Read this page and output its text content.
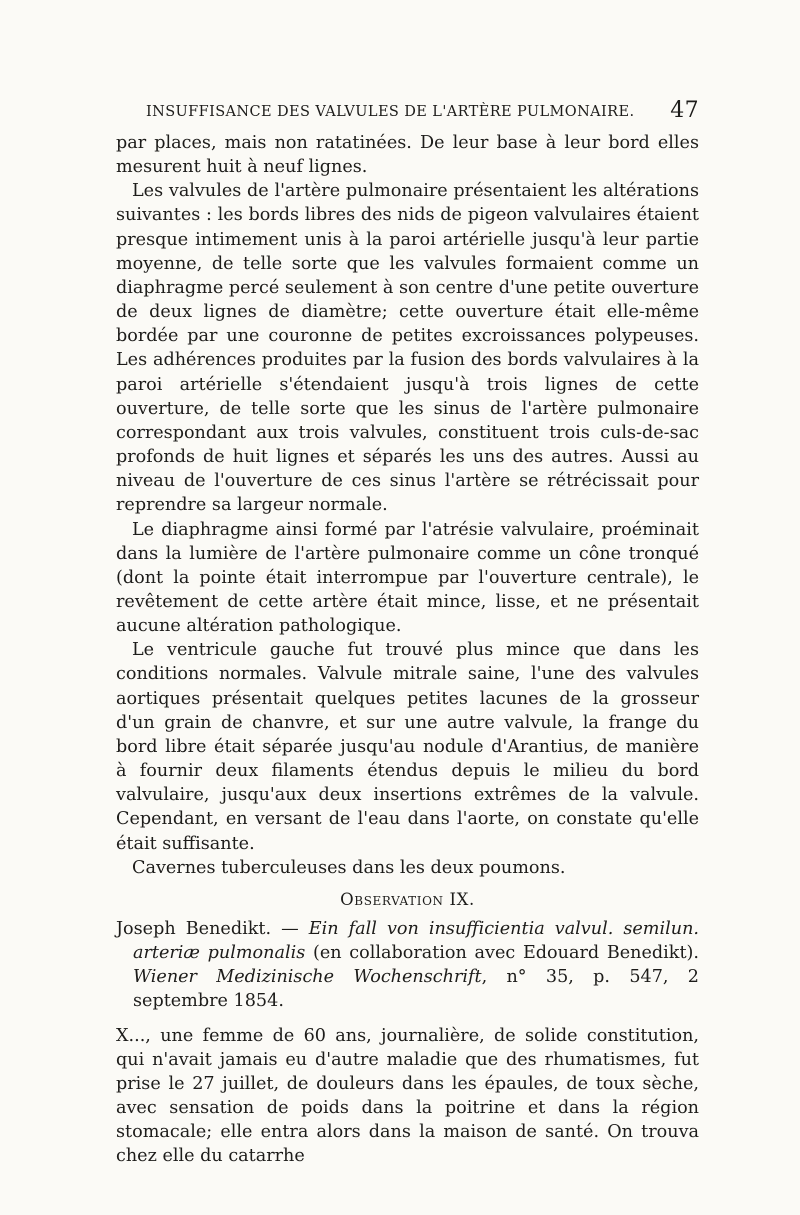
INSUFFISANCE DES VALVULES DE L'ARTÈRE PULMONAIRE. 47

par places, mais non ratatinées. De leur base à leur bord elles mesurent huit à neuf lignes.

Les valvules de l'artère pulmonaire présentaient les altérations suivantes : les bords libres des nids de pigeon valvulaires étaient presque intimement unis à la paroi artérielle jusqu'à leur partie moyenne, de telle sorte que les valvules formaient comme un diaphragme percé seulement à son centre d'une petite ouverture de deux lignes de diamètre; cette ouverture était elle-même bordée par une couronne de petites excroissances polypeuses. Les adhérences produites par la fusion des bords valvulaires à la paroi artérielle s'étendaient jusqu'à trois lignes de cette ouverture, de telle sorte que les sinus de l'artère pulmonaire correspondant aux trois valvules, constituent trois culs-de-sac profonds de huit lignes et séparés les uns des autres. Aussi au niveau de l'ouverture de ces sinus l'artère se rétrécissait pour reprendre sa largeur normale.

Le diaphragme ainsi formé par l'atrésie valvulaire, proéminait dans la lumière de l'artère pulmonaire comme un cône tronqué (dont la pointe était interrompue par l'ouverture centrale), le revêtement de cette artère était mince, lisse, et ne présentait aucune altération pathologique.

Le ventricule gauche fut trouvé plus mince que dans les conditions normales. Valvule mitrale saine, l'une des valvules aortiques présentait quelques petites lacunes de la grosseur d'un grain de chanvre, et sur une autre valvule, la frange du bord libre était séparée jusqu'au nodule d'Arantius, de manière à fournir deux filaments étendus depuis le milieu du bord valvulaire, jusqu'aux deux insertions extrêmes de la valvule. Cependant, en versant de l'eau dans l'aorte, on constate qu'elle était suffisante.

Cavernes tuberculeuses dans les deux poumons.

Observation IX.

Joseph Benedikt. — Ein fall von insufficientia valvul. semilun. arteriæ pulmonalis (en collaboration avec Edouard Benedikt). Wiener Medizinische Wochenschrift, n° 35, p. 547, 2 septembre 1854.

X..., une femme de 60 ans, journalière, de solide constitution, qui n'avait jamais eu d'autre maladie que des rhumatismes, fut prise le 27 juillet, de douleurs dans les épaules, de toux sèche, avec sensation de poids dans la poitrine et dans la région stomacale; elle entra alors dans la maison de santé. On trouva chez elle du catarrhe
